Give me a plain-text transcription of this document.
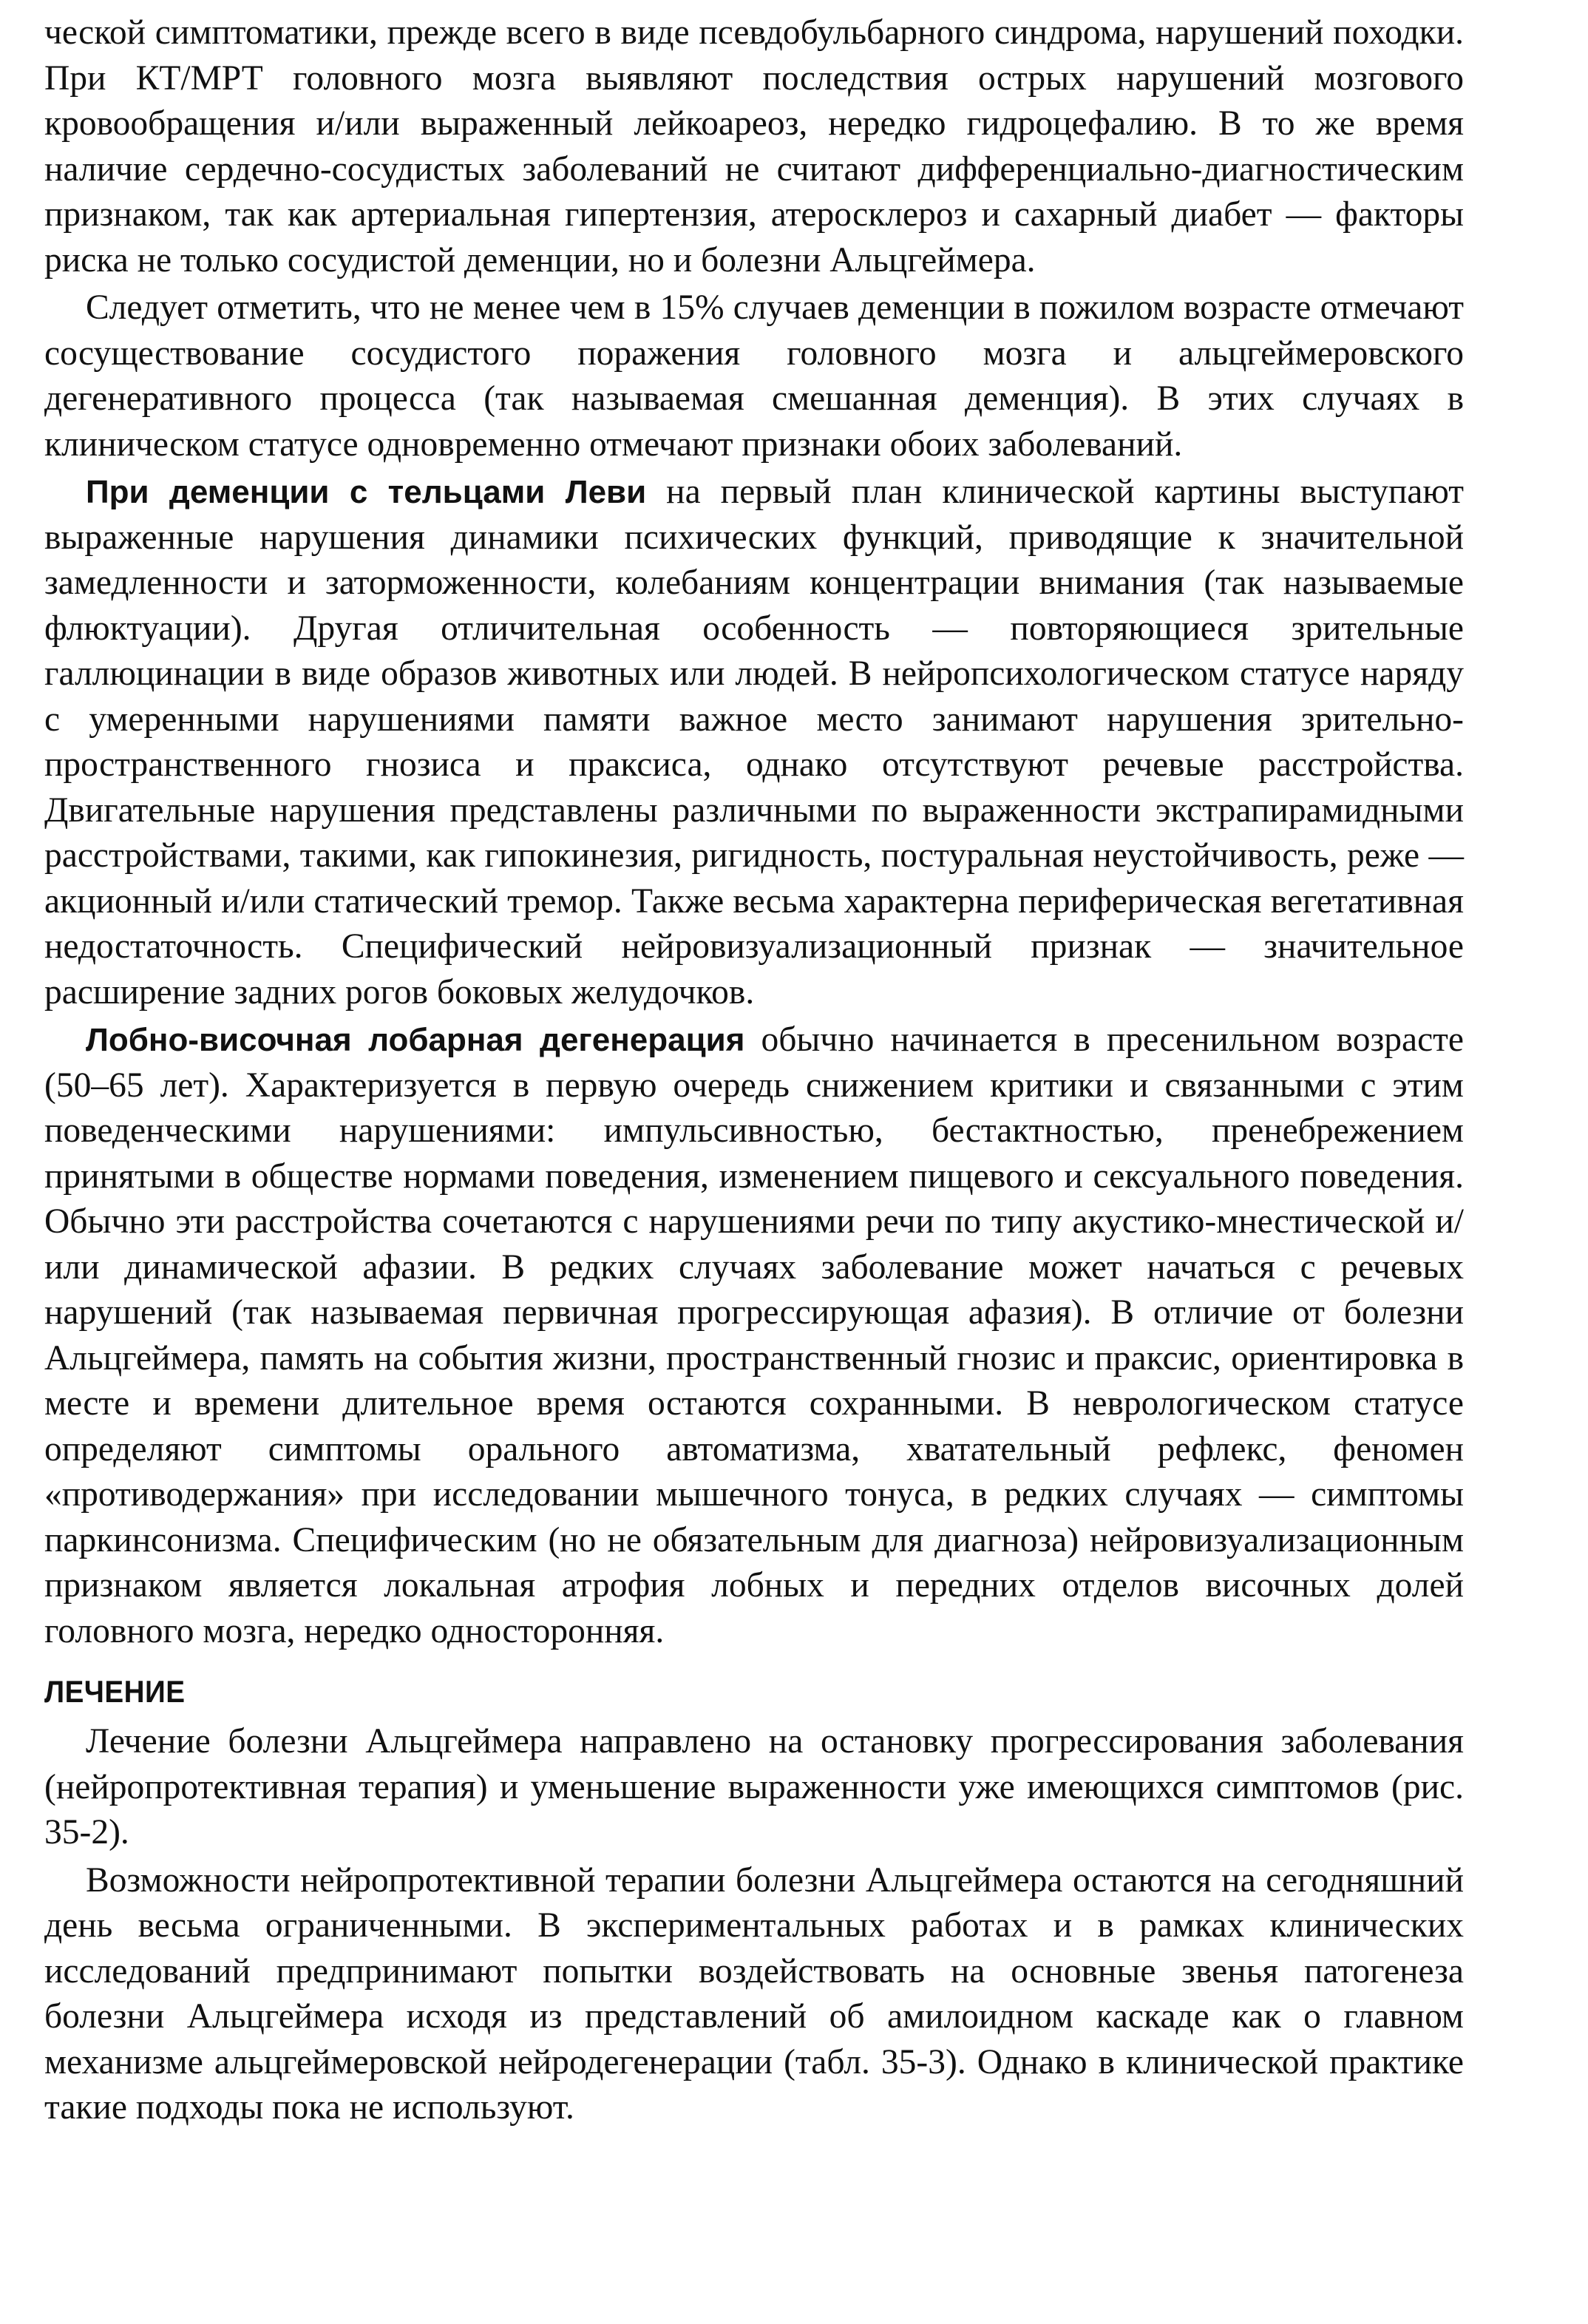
ческой симптоматики, прежде всего в виде псевдобульбарного синдрома, нарушений походки. При КТ/МРТ головного мозга выявляют последствия острых нарушений мозгового кровообращения и/или выраженный лейкоареоз, нередко гидроцефалию. В то же время наличие сердечно-сосудистых заболеваний не считают дифференциально-диагностическим признаком, так как артериальная гипертензия, атеросклероз и сахарный диабет — факторы риска не только сосудистой деменции, но и болезни Альцгеймера.

Следует отметить, что не менее чем в 15% случаев деменции в пожилом возрасте отмечают сосуществование сосудистого поражения головного мозга и альцгеймеровского дегенеративного процесса (так называемая смешанная деменция). В этих случаях в клиническом статусе одновременно отмечают признаки обоих заболеваний.

При деменции с тельцами Леви на первый план клинической картины выступают выраженные нарушения динамики психических функций, приводящие к значительной замедленности и заторможенности, колебаниям концентрации внимания (так называемые флюктуации). Другая отличительная особенность — повторяющиеся зрительные галлюцинации в виде образов животных или людей. В нейропсихологическом статусе наряду с умеренными нарушениями памяти важное место занимают нарушения зрительно-пространственного гнозиса и праксиса, однако отсутствуют речевые расстройства. Двигательные нарушения представлены различными по выраженности экстрапирамидными расстройствами, такими, как гипокинезия, ригидность, постуральная неустойчивость, реже — акционный и/или статический тремор. Также весьма характерна периферическая вегетативная недостаточность. Специфический нейровизуализационный признак — значительное расширение задних рогов боковых желудочков.

Лобно-височная лобарная дегенерация обычно начинается в пресенильном возрасте (50–65 лет). Характеризуется в первую очередь снижением критики и связанными с этим поведенческими нарушениями: импульсивностью, бестактностью, пренебрежением принятыми в обществе нормами поведения, изменением пищевого и сексуального поведения. Обычно эти расстройства сочетаются с нарушениями речи по типу акустико-мнестической и/или динамической афазии. В редких случаях заболевание может начаться с речевых нарушений (так называемая первичная прогрессирующая афазия). В отличие от болезни Альцгеймера, память на события жизни, пространственный гнозис и праксис, ориентировка в месте и времени длительное время остаются сохранными. В неврологическом статусе определяют симптомы орального автоматизма, хватательный рефлекс, феномен «противодержания» при исследовании мышечного тонуса, в редких случаях — симптомы паркинсонизма. Специфическим (но не обязательным для диагноза) нейровизуализационным признаком является локальная атрофия лобных и передних отделов височных долей головного мозга, нередко односторонняя.

ЛЕЧЕНИЕ

Лечение болезни Альцгеймера направлено на остановку прогрессирования заболевания (нейропротективная терапия) и уменьшение выраженности уже имеющихся симптомов (рис. 35-2).

Возможности нейропротективной терапии болезни Альцгеймера остаются на сегодняшний день весьма ограниченными. В экспериментальных работах и в рамках клинических исследований предпринимают попытки воздействовать на основные звенья патогенеза болезни Альцгеймера исходя из представлений об амилоидном каскаде как о главном механизме альцгеймеровской нейродегенерации (табл. 35-3). Однако в клинической практике такие подходы пока не используют.
